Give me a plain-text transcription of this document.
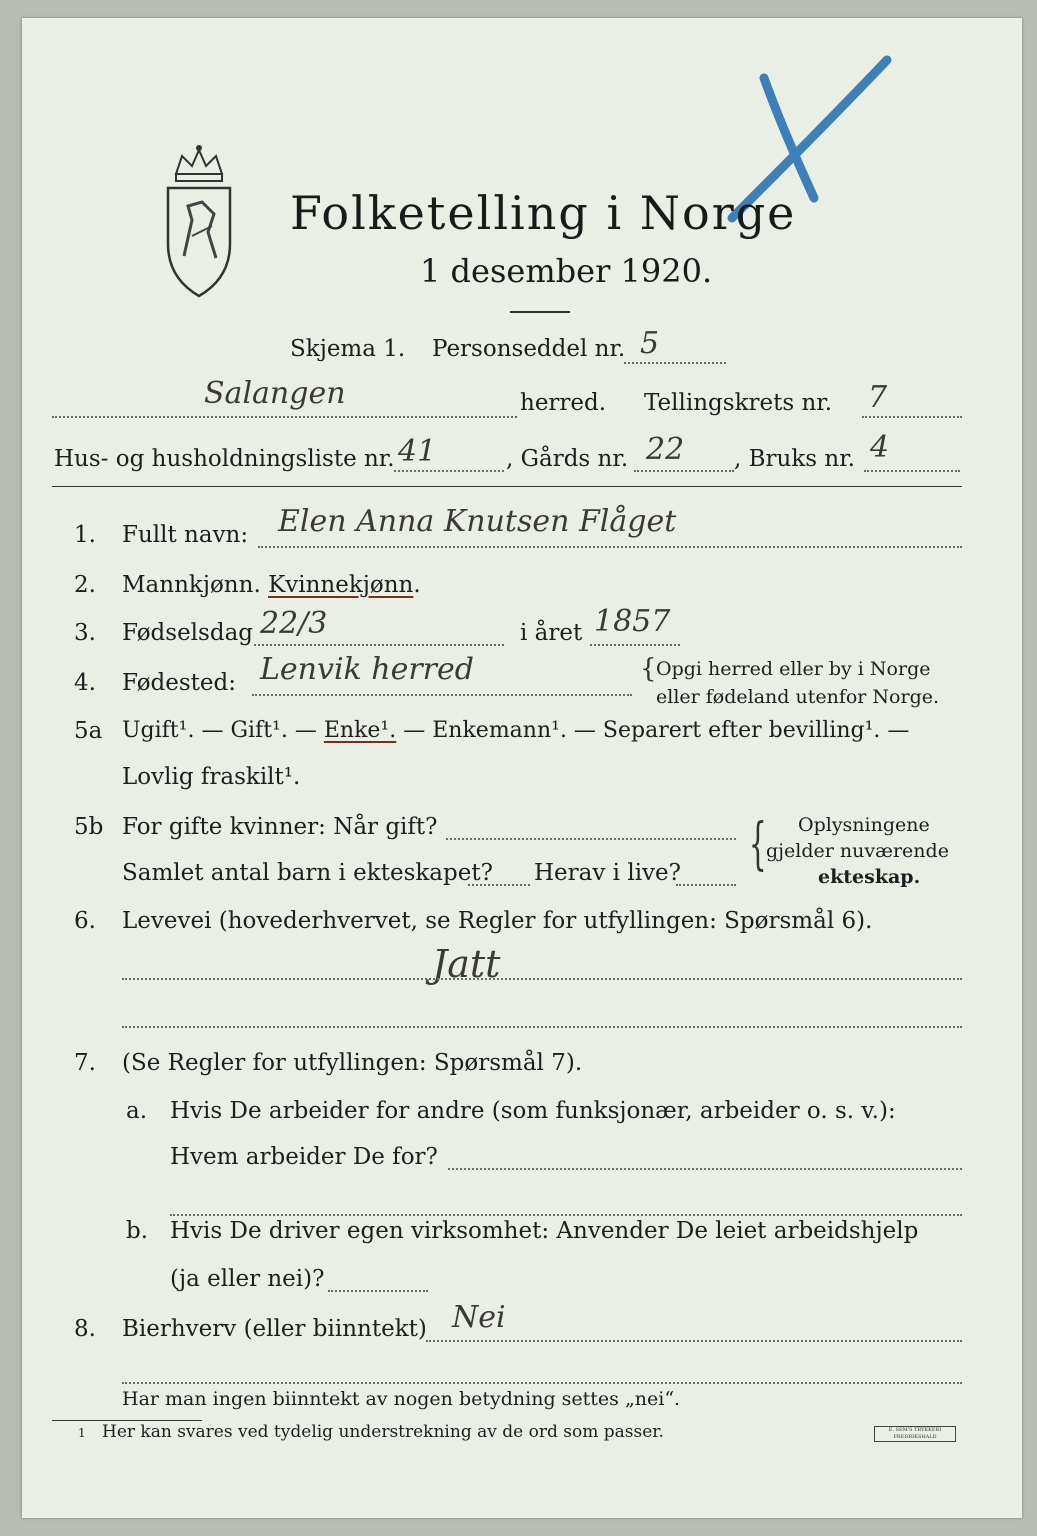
Folketelling i Norge
1 desember 1920.
Skjema 1. Personseddel nr. 5
Salangen	herred. Tellingskrets nr. 7
Hus- og husholdningsliste nr. 41	, Gårds nr. 22 , Bruks nr. 4
1. Fullt navn: Elen Anna Knutsen Flåget
2. Mannkjønn. Kvinnekjønn.
3. Fødselsdag 22/3	i året 1857
4. Fødested: Lenvik herred	{ Opgi herred eller by i Norge
eller fødeland utenfor Norge.
5a Ugift¹. — Gift¹. — Enke¹. — Enkemann¹. — Separert efter bevilling¹. —
Lovlig fraskilt¹.
5b For gifte kvinner: Når gift?
Samlet antal barn i ekteskapet? Herav i live? { Oplysningene
gjelder nuværende
ekteskap.
6. Levevei (hovederhvervet, se Regler for utfyllingen: Spørsmål 6).
Jatt
7. (Se Regler for utfyllingen: Spørsmål 7).
a. Hvis De arbeider for andre (som funksjonær, arbeider o. s. v.):
Hvem arbeider De for?
b. Hvis De driver egen virksomhet: Anvender De leiet arbeidshjelp
(ja eller nei)?
8. Bierhverv (eller biinntekt) Nei
Har man ingen biinntekt av nogen betydning settes „nei“.
1 Her kan svares ved tydelig understrekning av de ord som passer.	E. SEM'S TRYKKERI FREDRIKSHALD
